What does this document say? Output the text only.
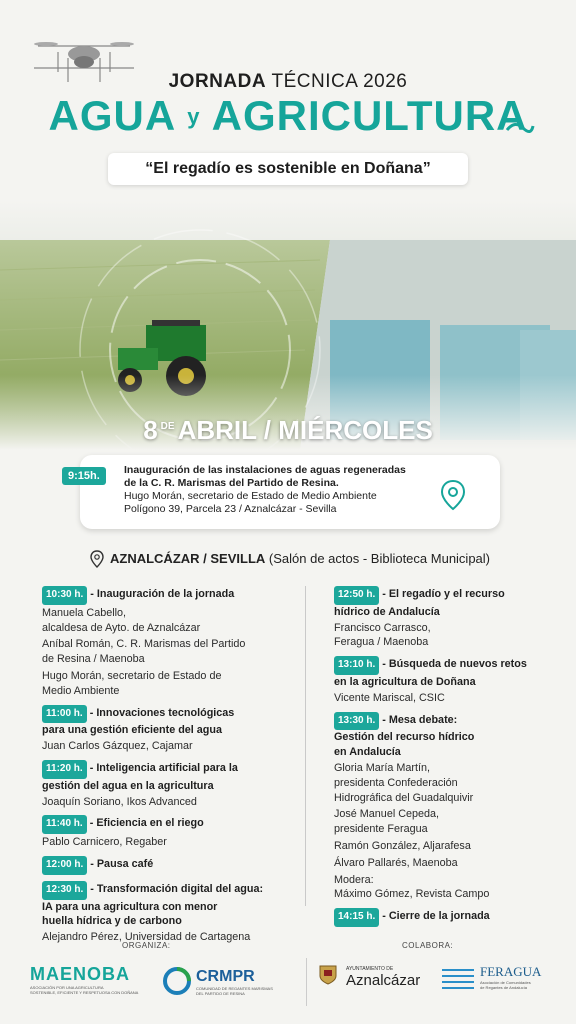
JORNADA TÉCNICA 2026
AGUA y AGRICULTURA
“El regadío es sostenible en Doñana”
8 $^{DE}$ ABRIL / MIÉRCOLES
9:15h.	Inauguración de las instalaciones de aguas regeneradas
de la C. R. Marismas del Partido de Resina.
Hugo Morán, secretario de Estado de Medio Ambiente
Polígono 39, Parcela 23 / Aznalcázar - Sevilla
AZNALCÁZAR / SEVILLA (Salón de actos - Biblioteca Municipal)
10:30 h. - Inauguración de la jornada
Manuela Cabello,
alcaldesa de Ayto. de Aznalcázar
Aníbal Román, C. R. Marismas del Partido
de Resina / Maenoba
Hugo Morán, secretario de Estado de
Medio Ambiente
11:00 h. - Innovaciones tecnológicas
para una gestión eficiente del agua
Juan Carlos Gázquez, Cajamar
11:20 h. - Inteligencia artificial para la
gestión del agua en la agricultura
Joaquín Soriano, Ikos Advanced
11:40 h. - Eficiencia en el riego
Pablo Carnicero, Regaber
12:00 h. - Pausa café
12:30 h. - Transformación digital del agua:
IA para una agricultura con menor
huella hídrica y de carbono
Alejandro Pérez, Universidad de Cartagena
12:50 h. - El regadío y el recurso
hídrico de Andalucía
Francisco Carrasco,
Feragua / Maenoba
13:10 h. - Búsqueda de nuevos retos
en la agricultura de Doñana
Vicente Mariscal, CSIC
13:30 h. - Mesa debate:
Gestión del recurso hídrico
en Andalucía
Gloria María Martín,
presidenta Confederación
Hidrográfica del Guadalquivir
José Manuel Cepeda,
presidente Feragua
Ramón González, Aljarafesa
Álvaro Pallarés, Maenoba
Modera:
Máximo Gómez, Revista Campo
14:15 h. - Cierre de la jornada
ORGANIZA:	COLABORA:
MAENOBA
ASOCIACIÓN POR UNA AGRICULTURA
SOSTENIBLE, EFICIENTE Y RESPETUOSA CON DOÑANA
CRMPR
COMUNIDAD DE REGANTES MARISMAS
DEL PARTIDO DE RESINA
AYUNTAMIENTO DE
Aznalcázar
FERAGUA
Asociación de Comunidades
de Regantes de Andalucía
